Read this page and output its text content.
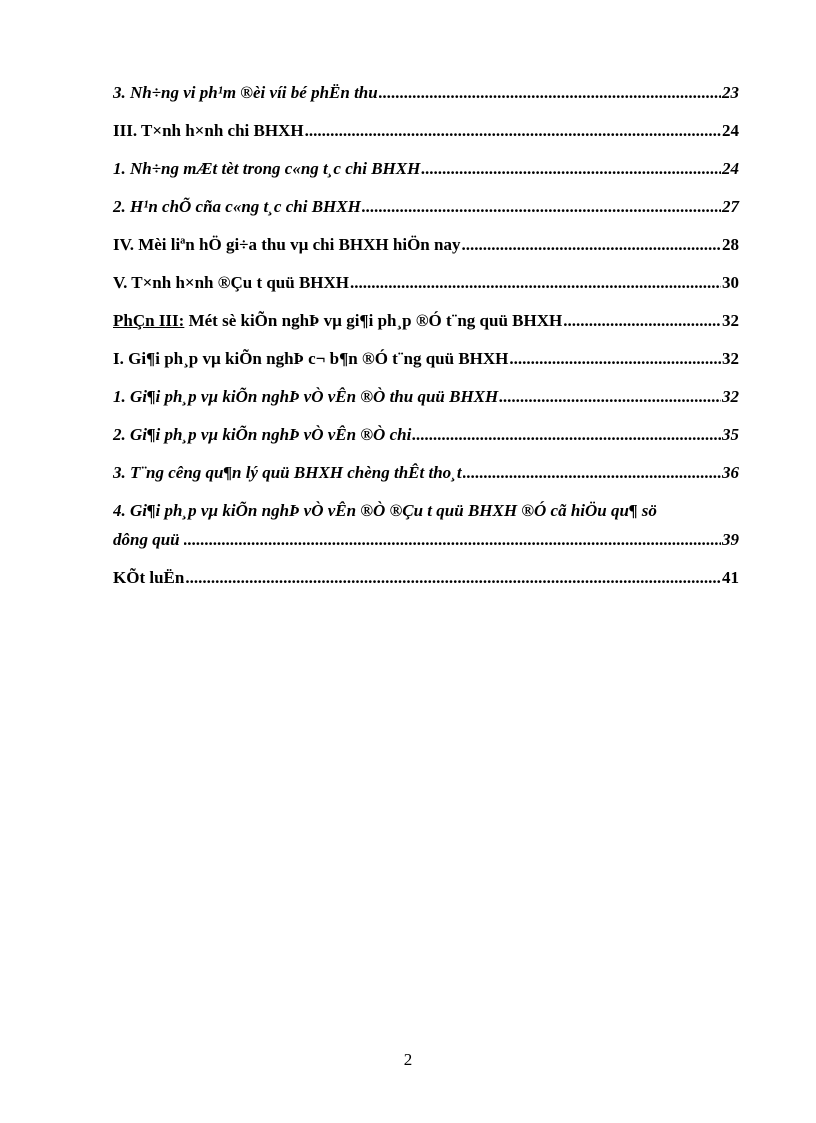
3. Nh÷ng vi ph¹m ®èi víi bé phËn thu .....	23
III. T×nh h×nh chi BHXH .....	24
1. Nh÷ng mÆt tèt trong c«ng t¸c chi BHXH .....	24
2. H¹n chÕ cña c«ng t¸c chi BHXH .....	27
IV. Mèi liªn hÖ gi÷a thu vµ chi BHXH hiÖn nay .....	28
V. T×nh h×nh ®Çu t quü BHXH .....	30
PhÇn III: Mét sè kiÕn nghÞ vµ gi¶i ph¸p ®Ó t¨ng quü BHXH .....	32
I. Gi¶i ph¸p vµ kiÕn nghÞ c¬ b¶n ®Ó t¨ng quü BHXH .....	32
1. Gi¶i ph¸p vµ kiÕn nghÞ vÒ vÊn ®Ò thu quü BHXH .....	32
2. Gi¶i ph¸p vµ kiÕn nghÞ vÒ vÊn ®Ò chi .....	35
3. T¨ng cêng qu¶n lý quü BHXH chèng thÊt tho¸t .....	36
4. Gi¶i ph¸p vµ kiÕn nghÞ vÒ vÊn ®Ò ®Çu t quü BHXH ®Ó cã hiÖu qu¶ sö
dông quü .....	39
KÕt luËn .....	41
2
